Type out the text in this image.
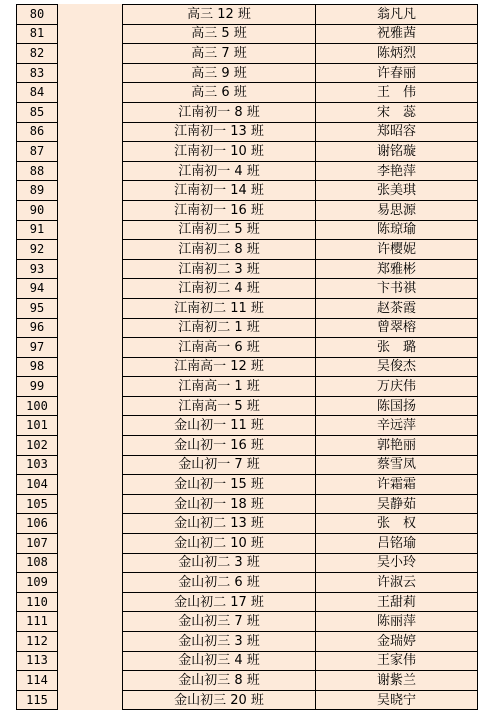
80		高三 12 班	翁凡凡
81		高三 5 班	祝雅茜
82		高三 7 班	陈炳烈
83		高三 9 班	许春丽
84		高三 6 班	王　伟
85		江南初一 8 班	宋　蕊
86		江南初一 13 班	郑昭容
87		江南初一 10 班	谢铭璇
88		江南初一 4 班	李艳萍
89		江南初一 14 班	张美琪
90		江南初一 16 班	易思源
91		江南初二 5 班	陈琼瑜
92		江南初二 8 班	许樱妮
93		江南初二 3 班	郑雅彬
94		江南初二 4 班	卞书祺
95		江南初二 11 班	赵茶霞
96		江南初二 1 班	曾翠榕
97		江南高一 6 班	张　璐
98		江南高一 12 班	吴俊杰
99		江南高一 1 班	万庆伟
100		江南高一 5 班	陈国扬
101		金山初一 11 班	辛远萍
102		金山初一 16 班	郭艳丽
103		金山初一 7 班	蔡雪凤
104		金山初一 15 班	许霜霜
105		金山初一 18 班	吴静茹
106		金山初二 13 班	张　权
107		金山初二 10 班	吕铭瑜
108		金山初二 3 班	吴小玲
109		金山初二 6 班	许淑云
110		金山初二 17 班	王甜莉
111		金山初三 7 班	陈丽萍
112		金山初三 3 班	金瑞婷
113		金山初三 4 班	王家伟
114		金山初三 8 班	谢紫兰
115		金山初三 20 班	吴晓宁
